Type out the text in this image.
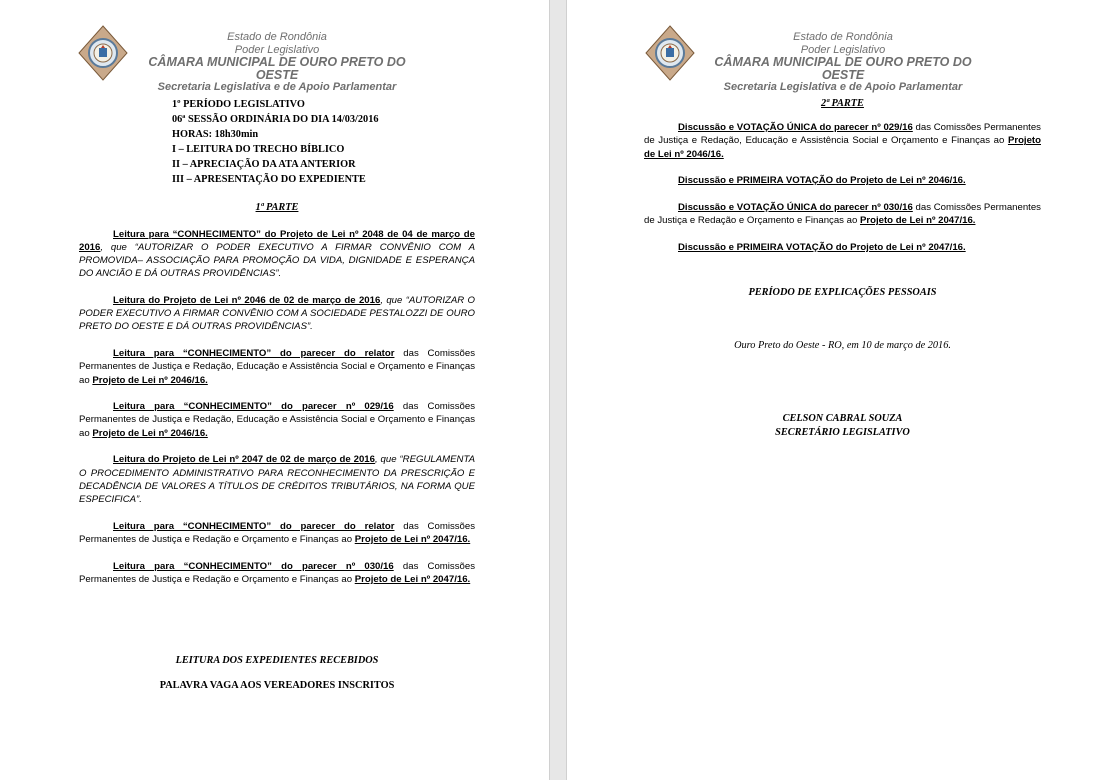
Estado de Rondônia
Poder Legislativo
CÂMARA MUNICIPAL DE OURO PRETO DO OESTE
Secretaria Legislativa e de Apoio Parlamentar
1º PERÍODO LEGISLATIVO
06ª SESSÃO ORDINÁRIA DO DIA 14/03/2016
HORAS: 18h30min
I – LEITURA DO TRECHO BÍBLICO
II – APRECIAÇÃO DA ATA ANTERIOR
III – APRESENTAÇÃO DO EXPEDIENTE

1ª PARTE

Leitura para “CONHECIMENTO” do Projeto de Lei nº 2048 de 04 de março de 2016, que “AUTORIZAR O PODER EXECUTIVO A FIRMAR CONVÊNIO COM A PROMOVIDA– ASSOCIAÇÃO PARA PROMOÇÃO DA VIDA, DIGNIDADE E ESPERANÇA DO ANCIÃO E DÁ OUTRAS PROVIDÊNCIAS”.

Leitura do Projeto de Lei nº 2046 de 02 de março de 2016, que “AUTORIZAR O PODER EXECUTIVO A FIRMAR CONVÊNIO COM A SOCIEDADE PESTALOZZI DE OURO PRETO DO OESTE E DÁ OUTRAS PROVIDÊNCIAS”.

Leitura para “CONHECIMENTO” do parecer do relator das Comissões Permanentes de Justiça e Redação, Educação e Assistência Social e Orçamento e Finanças ao Projeto de Lei nº 2046/16.

Leitura para “CONHECIMENTO” do parecer nº 029/16 das Comissões Permanentes de Justiça e Redação, Educação e Assistência Social e Orçamento e Finanças ao Projeto de Lei nº 2046/16.

Leitura do Projeto de Lei nº 2047 de 02 de março de 2016, que “REGULAMENTA O PROCEDIMENTO ADMINISTRATIVO PARA RECONHECIMENTO DA PRESCRIÇÃO E DECADÊNCIA DE VALORES A TÍTULOS DE CRÉDITOS TRIBUTÁRIOS, NA FORMA QUE ESPECIFICA”.

Leitura para “CONHECIMENTO” do parecer do relator das Comissões Permanentes de Justiça e Redação e Orçamento e Finanças ao Projeto de Lei nº 2047/16.

Leitura para “CONHECIMENTO” do parecer nº 030/16 das Comissões Permanentes de Justiça e Redação e Orçamento e Finanças ao Projeto de Lei nº 2047/16.

LEITURA DOS EXPEDIENTES RECEBIDOS

PALAVRA VAGA AOS VEREADORES INSCRITOS

Estado de Rondônia
Poder Legislativo
CÂMARA MUNICIPAL DE OURO PRETO DO OESTE
Secretaria Legislativa e de Apoio Parlamentar

2ª PARTE

Discussão e VOTAÇÃO ÚNICA do parecer nº 029/16 das Comissões Permanentes de Justiça e Redação, Educação e Assistência Social e Orçamento e Finanças ao Projeto de Lei nº 2046/16.

Discussão e PRIMEIRA VOTAÇÃO do Projeto de Lei nº 2046/16.

Discussão e VOTAÇÃO ÚNICA do parecer nº 030/16 das Comissões Permanentes de Justiça e Redação e Orçamento e Finanças ao Projeto de Lei nº 2047/16.

Discussão e PRIMEIRA VOTAÇÃO do Projeto de Lei nº 2047/16.

PERÍODO DE EXPLICAÇÕES PESSOAIS

Ouro Preto do Oeste - RO, em 10 de março de 2016.

CELSON CABRAL SOUZA

SECRETÁRIO LEGISLATIVO
